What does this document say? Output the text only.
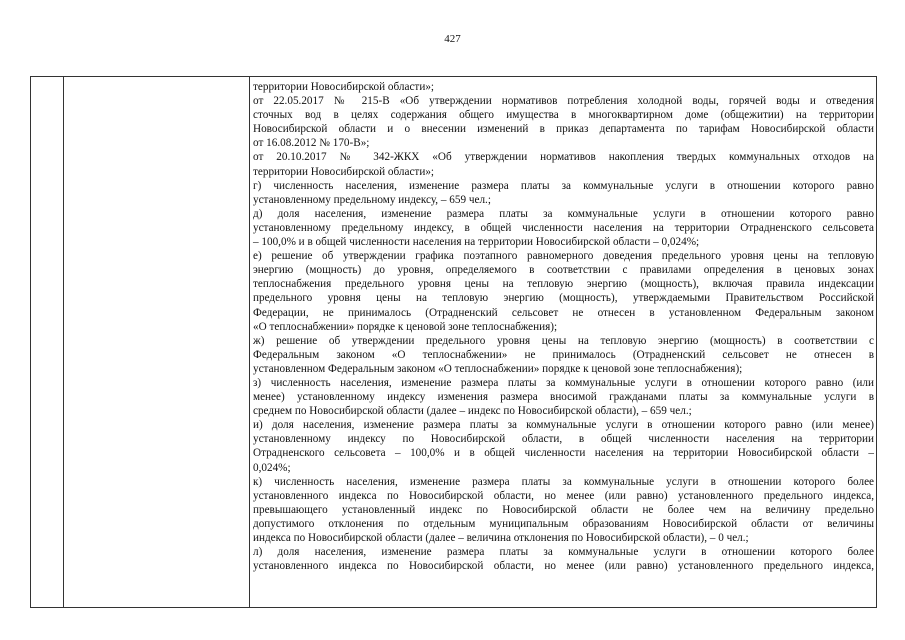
427

территории Новосибирской области»;

от 22.05.2017 № 215-В «Об утверждении нормативов потребления холодной воды, горячей воды и отведения

сточных вод в целях содержания общего имущества в многоквартирном доме (общежитии) на территории

Новосибирской области и о внесении изменений в приказ департамента по тарифам Новосибирской области

от 16.08.2012 № 170-В»;

от 20.10.2017 № 342-ЖКХ «Об утверждении нормативов накопления твердых коммунальных отходов на

территории Новосибирской области»;

г) численность населения, изменение размера платы за коммунальные услуги в отношении которого равно

установленному предельному индексу, – 659 чел.;

д) доля населения, изменение размера платы за коммунальные услуги в отношении которого равно

установленному предельному индексу, в общей численности населения на территории Отрадненского сельсовета

– 100,0% и в общей численности населения на территории Новосибирской области – 0,024%;

е) решение об утверждении графика поэтапного равномерного доведения предельного уровня цены на тепловую

энергию (мощность) до уровня, определяемого в соответствии с правилами определения в ценовых зонах

теплоснабжения предельного уровня цены на тепловую энергию (мощность), включая правила индексации

предельного уровня цены на тепловую энергию (мощность), утверждаемыми Правительством Российской

Федерации, не принималось (Отрадненский сельсовет не отнесен в установленном Федеральным законом

«О теплоснабжении» порядке к ценовой зоне теплоснабжения);

ж) решение об утверждении предельного уровня цены на тепловую энергию (мощность) в соответствии с

Федеральным законом «О теплоснабжении» не принималось (Отрадненский сельсовет не отнесен в

установленном Федеральным законом «О теплоснабжении» порядке к ценовой зоне теплоснабжения);

з) численность населения, изменение размера платы за коммунальные услуги в отношении которого равно (или

менее) установленному индексу изменения размера вносимой гражданами платы за коммунальные услуги в

среднем по Новосибирской области (далее – индекс по Новосибирской области), – 659 чел.;

и) доля населения, изменение размера платы за коммунальные услуги в отношении которого равно (или менее)

установленному индексу по Новосибирской области, в общей численности населения на территории

Отрадненского сельсовета – 100,0% и в общей численности населения на территории Новосибирской области –

0,024%;

к) численность населения, изменение размера платы за коммунальные услуги в отношении которого более

установленного индекса по Новосибирской области, но менее (или равно) установленного предельного индекса,

превышающего установленный индекс по Новосибирской области не более чем на величину предельно

допустимого отклонения по отдельным муниципальным образованиям Новосибирской области от величины

индекса по Новосибирской области (далее – величина отклонения по Новосибирской области), – 0 чел.;

л) доля населения, изменение размера платы за коммунальные услуги в отношении которого более

установленного индекса по Новосибирской области, но менее (или равно) установленного предельного индекса,
